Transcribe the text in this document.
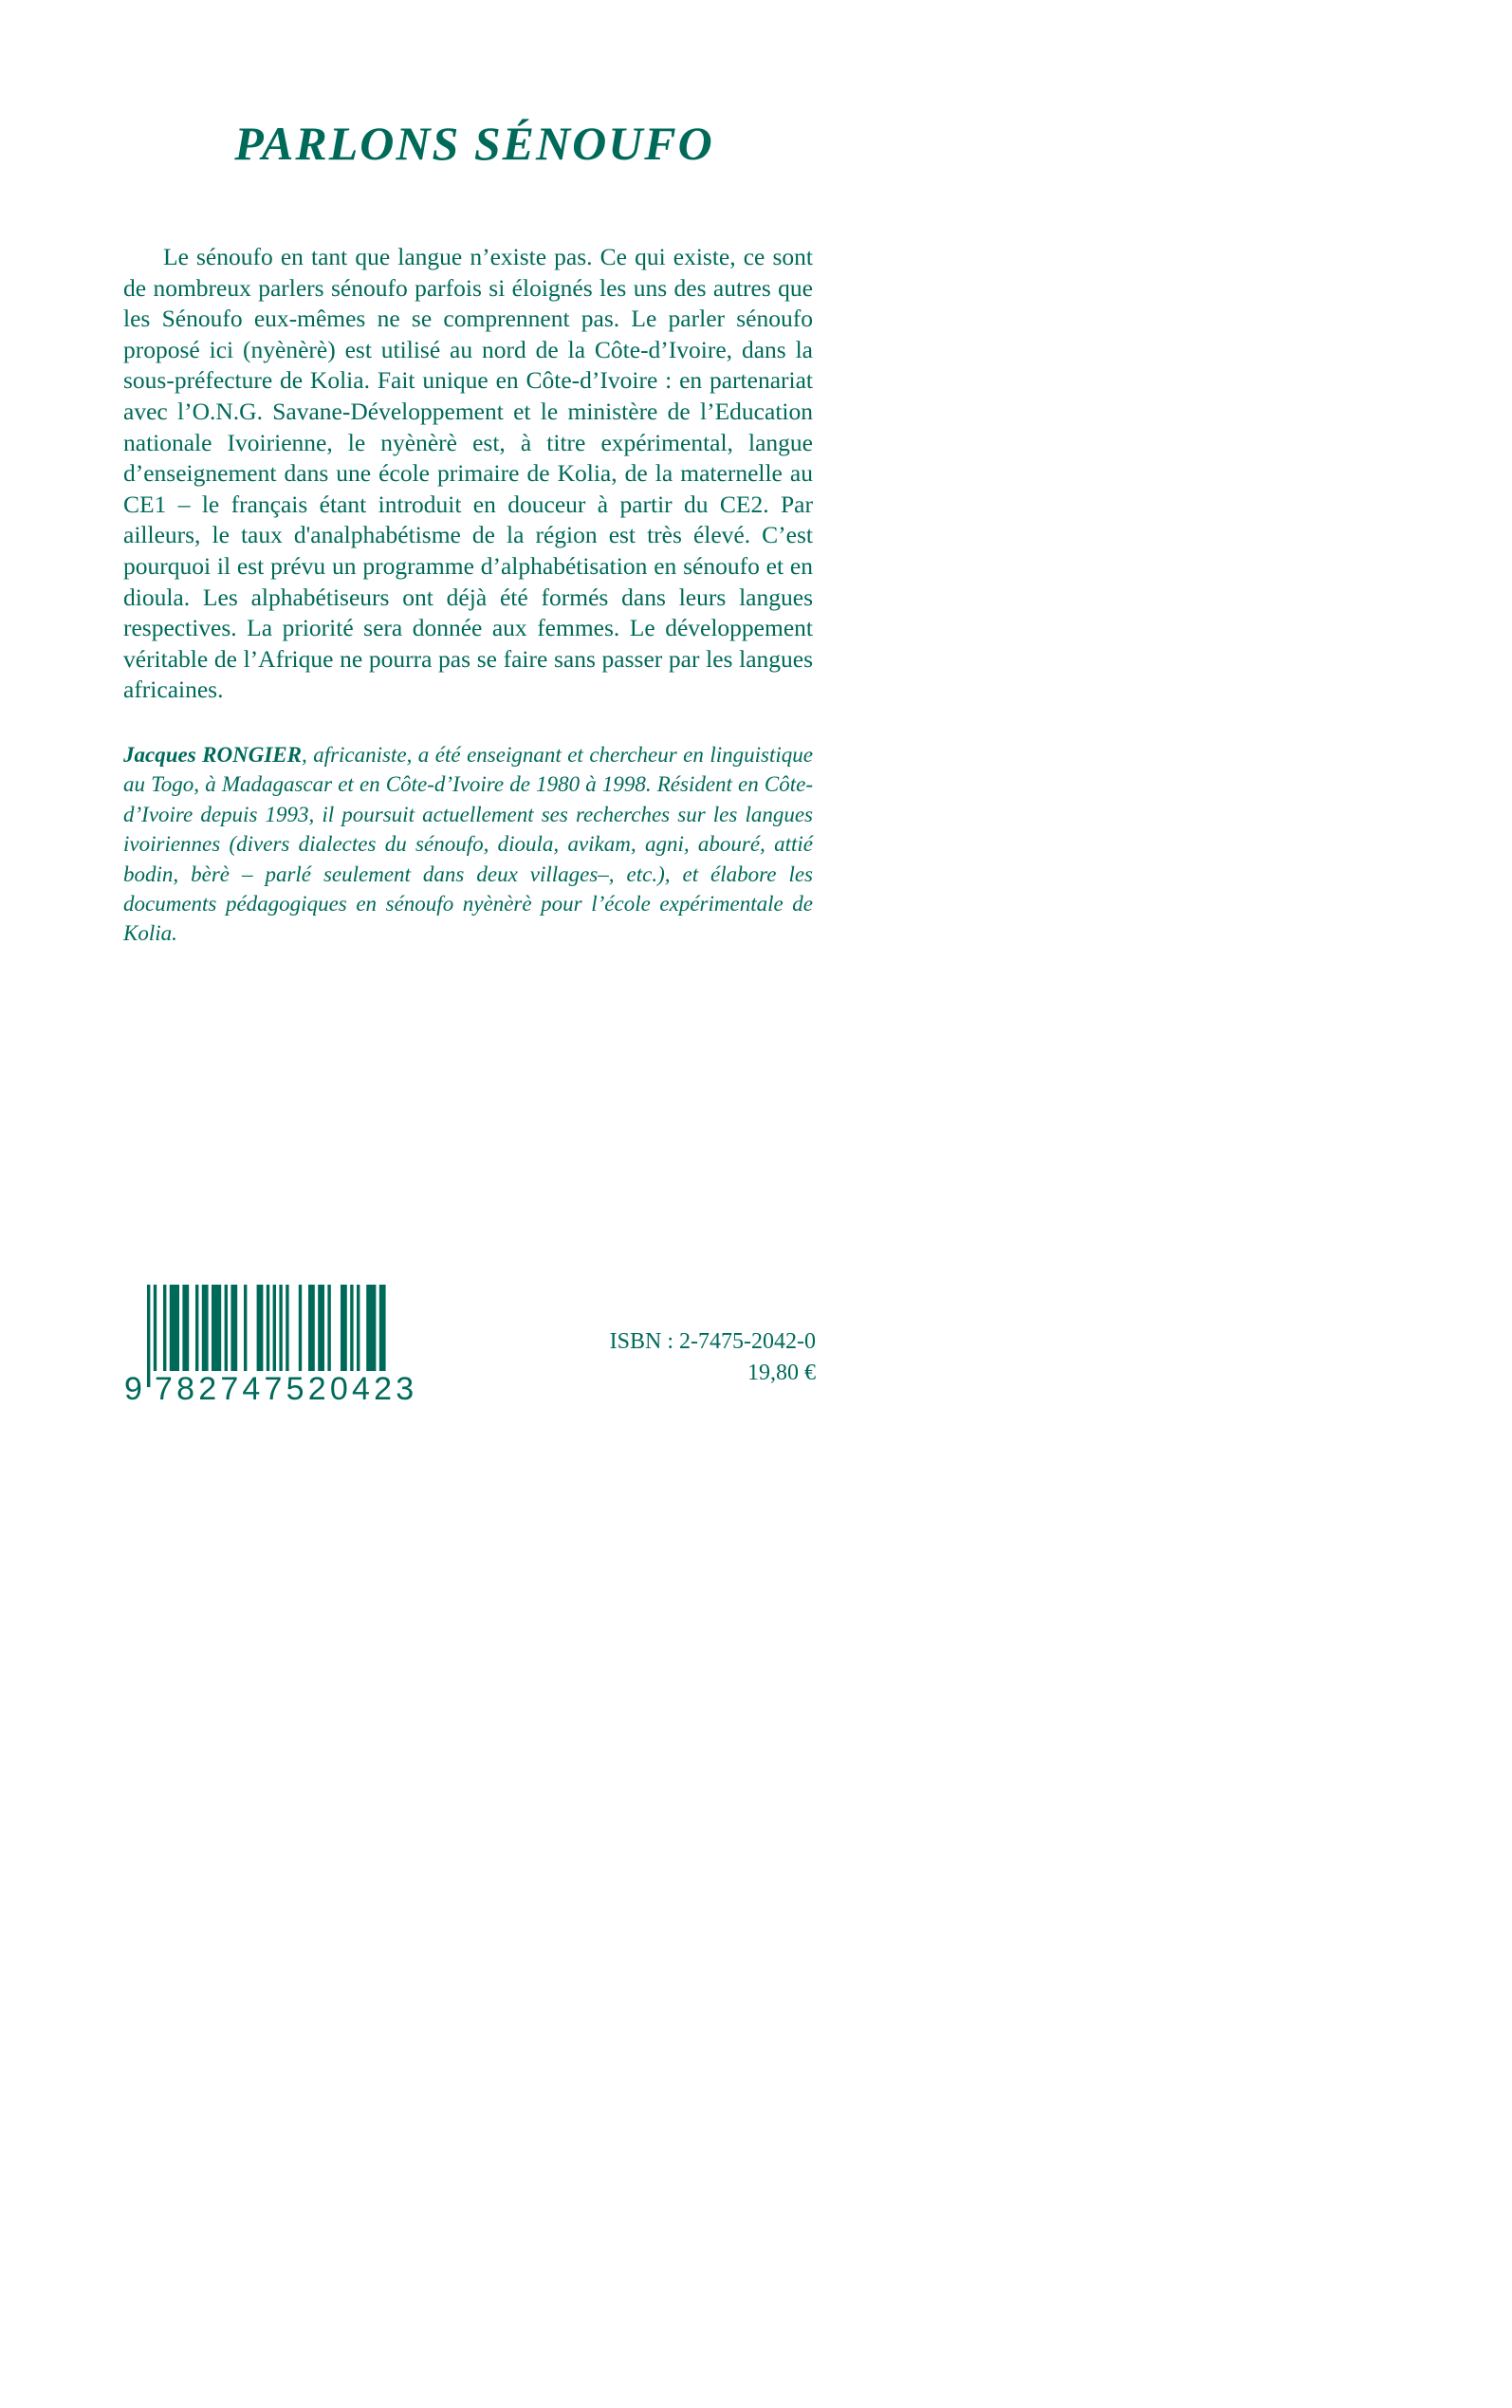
PARLONS SÉNOUFO
Le sénoufo en tant que langue n’existe pas. Ce qui existe, ce sont de nombreux parlers sénoufo parfois si éloignés les uns des autres que les Sénoufo eux-mêmes ne se comprennent pas. Le parler sénoufo proposé ici (nyènèrè) est utilisé au nord de la Côte-d’Ivoire, dans la sous-préfecture de Kolia. Fait unique en Côte-d’Ivoire : en partenariat avec l’O.N.G. Savane-Développement et le ministère de l’Education nationale Ivoirienne, le nyènèrè est, à titre expérimental, langue d’enseignement dans une école primaire de Kolia, de la maternelle au CE1 – le français étant introduit en douceur à partir du CE2. Par ailleurs, le taux d'analphabétisme de la région est très élevé. C’est pourquoi il est prévu un programme d’alphabétisation en sénoufo et en dioula. Les alphabétiseurs ont déjà été formés dans leurs langues respectives. La priorité sera donnée aux femmes. Le développement véritable de l’Afrique ne pourra pas se faire sans passer par les langues africaines.
Jacques RONGIER, africaniste, a été enseignant et chercheur en linguistique au Togo, à Madagascar et en Côte-d’Ivoire de 1980 à 1998. Résident en Côte-d’Ivoire depuis 1993, il poursuit actuellement ses recherches sur les langues ivoiriennes (divers dialectes du sénoufo, dioula, avikam, agni, abouré, attié bodin, bèrè – parlé seulement dans deux villages–, etc.), et élabore les documents pédagogiques en sénoufo nyènèrè pour l’école expérimentale de Kolia.
9 782747520423
ISBN : 2-7475-2042-0
19,80 €
